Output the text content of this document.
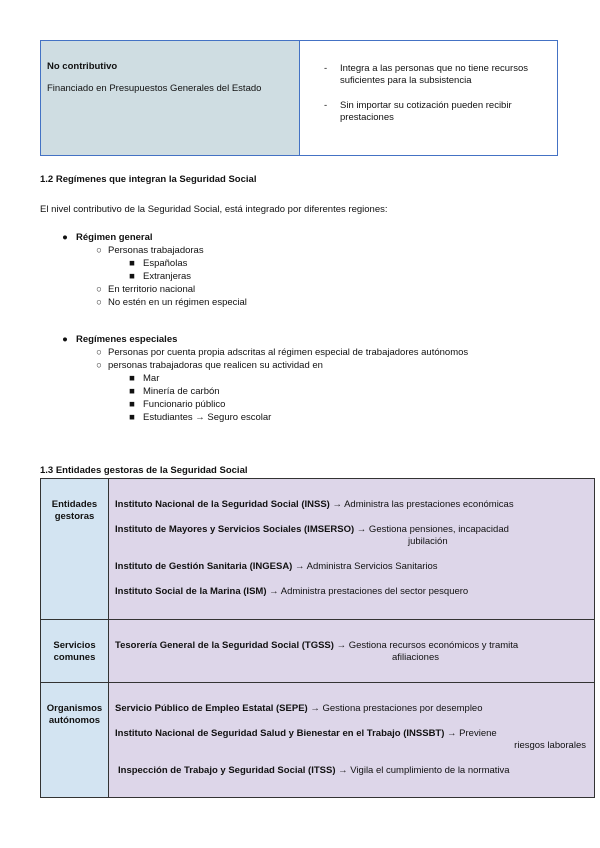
No contributivo
Financiado en Presupuestos Generales del Estado
-	Integra a las personas que no tiene recursos suficientes para la subsistencia
-	Sin importar su cotización pueden recibir prestaciones
1.2 Regímenes que integran la Seguridad Social
El nivel contributivo de la Seguridad Social, está integrado por diferentes regiones:
● Régimen general
○ Personas trabajadoras
■ Españolas
■ Extranjeras
○ En territorio nacional
○ No estén en un régimen especial
● Regímenes especiales
○ Personas por cuenta propia adscritas al régimen especial de trabajadores autónomos
○ personas trabajadoras que realicen su actividad en
■ Mar
■ Minería de carbón
■ Funcionario público
■ Estudiantes → Seguro escolar
1.3 Entidades gestoras de la Seguridad Social
Entidades gestoras
Instituto Nacional de la Seguridad Social (INSS) → Administra las prestaciones económicas
Instituto de Mayores y Servicios Sociales (IMSERSO) → Gestiona pensiones, incapacidad
jubilación
Instituto de Gestión Sanitaria (INGESA) → Administra Servicios Sanitarios
Instituto Social de la Marina (ISM) → Administra prestaciones del sector pesquero
Servicios comunes
Tesorería General de la Seguridad Social (TGSS) → Gestiona recursos económicos y tramita
afiliaciones
Organismos autónomos
Servicio Público de Empleo Estatal (SEPE) → Gestiona prestaciones por desempleo
Instituto Nacional de Seguridad Salud y Bienestar en el Trabajo (INSSBT) → Previene
riesgos laborales
Inspección de Trabajo y Seguridad Social (ITSS) → Vigila el cumplimiento de la normativa
